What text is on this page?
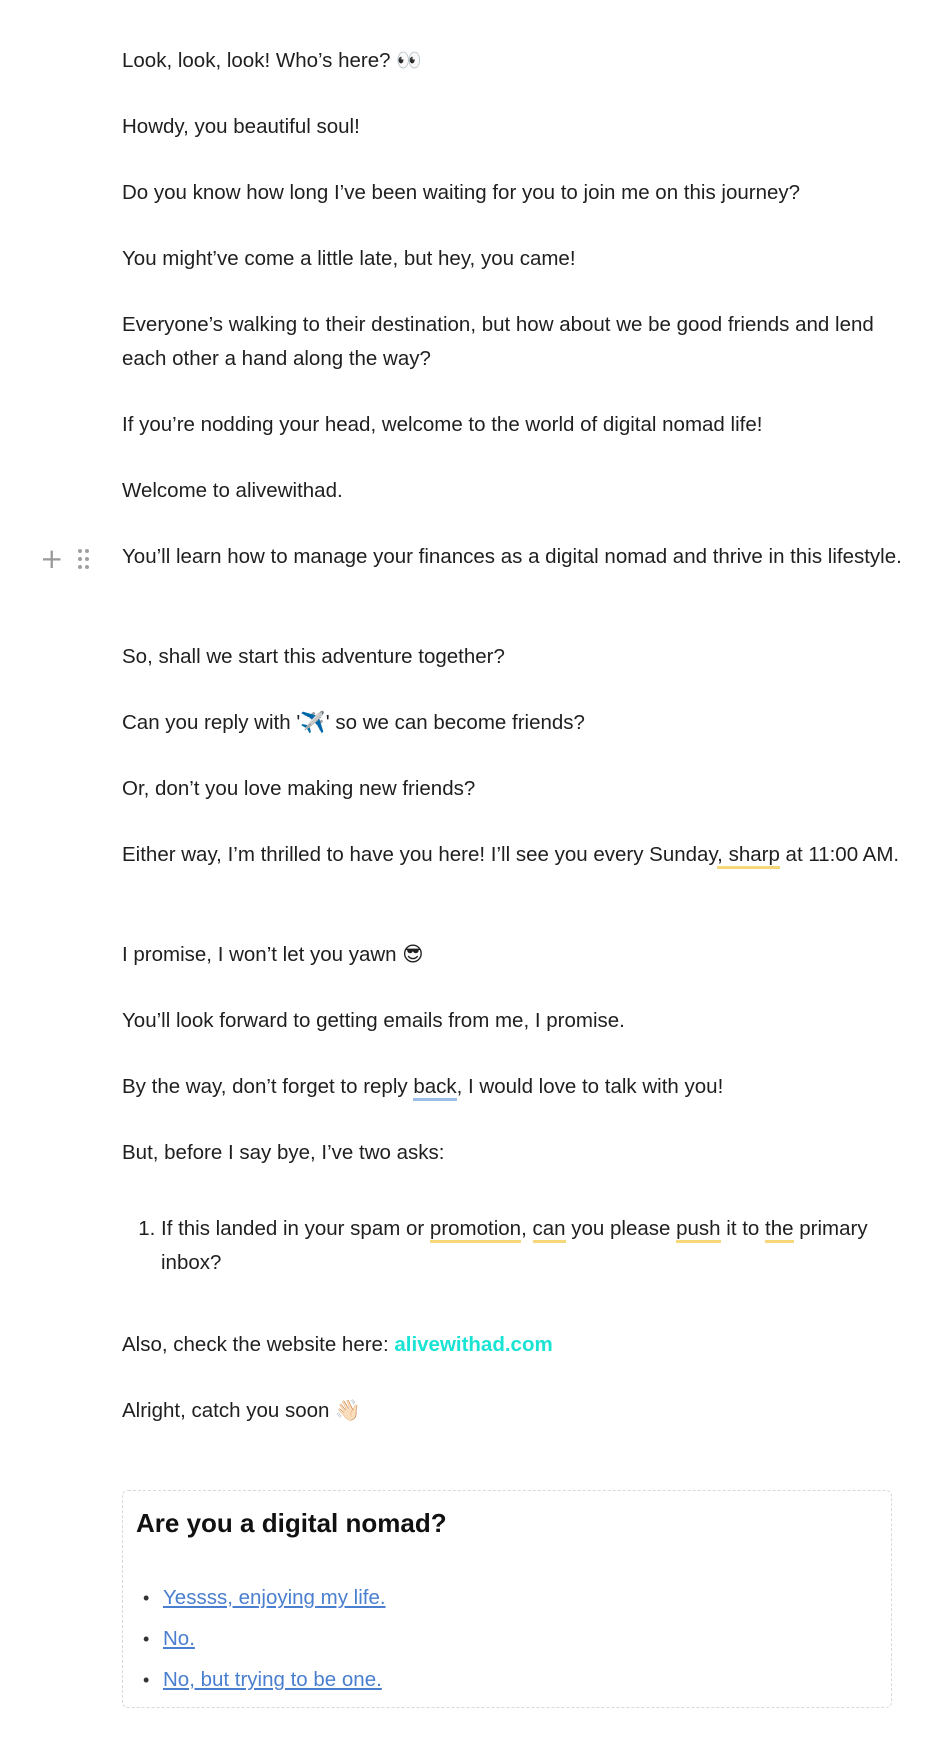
Look, look, look! Who’s here? 👀

Howdy, you beautiful soul!

Do you know how long I’ve been waiting for you to join me on this journey?

You might’ve come a little late, but hey, you came!

Everyone’s walking to their destination, but how about we be good friends and lend each other a hand along the way?

If you’re nodding your head, welcome to the world of digital nomad life!

Welcome to alivewithad.

You’ll learn how to manage your finances as a digital nomad and thrive in this lifestyle.

So, shall we start this adventure together?

Can you reply with '✈️' so we can become friends?

Or, don’t you love making new friends?

Either way, I’m thrilled to have you here! I’ll see you every Sunday, sharp at 11:00 AM.

I promise, I won’t let you yawn 😎

You’ll look forward to getting emails from me, I promise.

By the way, don’t forget to reply back, I would love to talk with you!

But, before I say bye, I’ve two asks:

1. If this landed in your spam or promotion, can you please push it to the primary inbox?

Also, check the website here: alivewithad.com

Alright, catch you soon 👋🏻

+
Are you a digital nomad?
• Yessss, enjoying my life.
• No.
• No, but trying to be one.
